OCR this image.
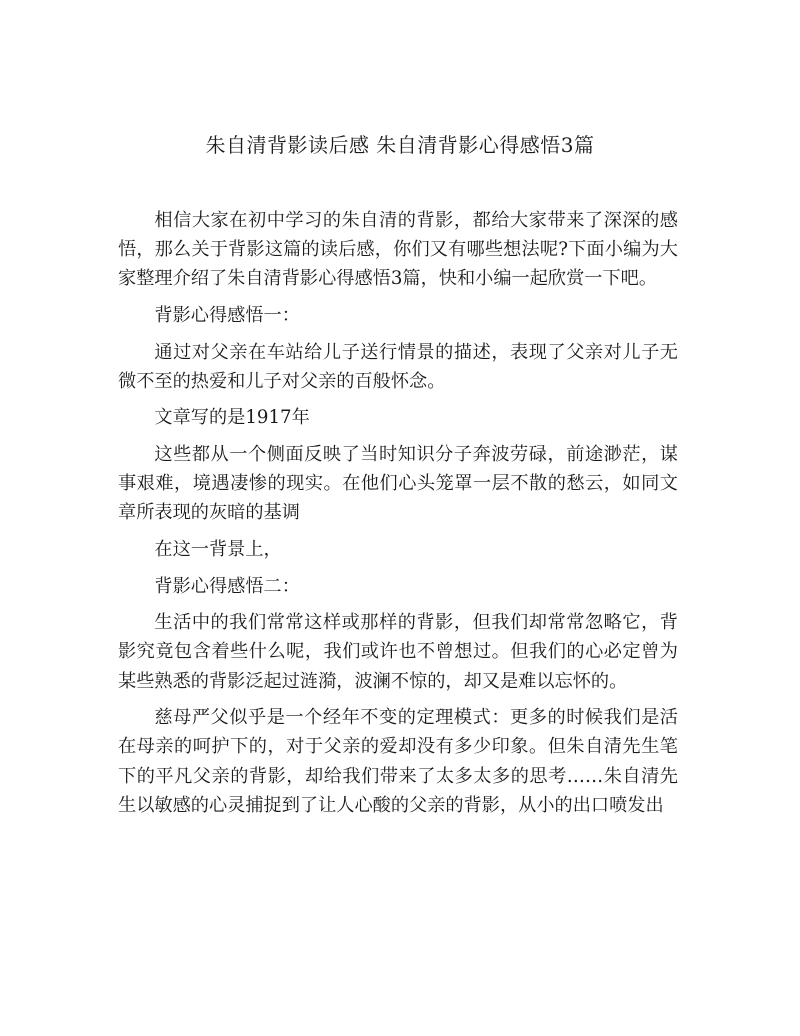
朱自清背影读后感 朱自清背影心得感悟3篇

相信大家在初中学习的朱自清的背影，都给大家带来了深深的感悟，那么关于背影这篇的读后感，你们又有哪些想法呢?下面小编为大家整理介绍了朱自清背影心得感悟3篇，快和小编一起欣赏一下吧。

背影心得感悟一：

通过对父亲在车站给儿子送行情景的描述，表现了父亲对儿子无微不至的热爱和儿子对父亲的百般怀念。

文章写的是1917年

这些都从一个侧面反映了当时知识分子奔波劳碌，前途渺茫，谋事艰难，境遇凄惨的现实。在他们心头笼罩一层不散的愁云，如同文章所表现的灰暗的基调

在这一背景上，

背影心得感悟二：

生活中的我们常常这样或那样的背影，但我们却常常忽略它，背影究竟包含着些什么呢，我们或许也不曾想过。但我们的心必定曾为某些熟悉的背影泛起过涟漪，波澜不惊的，却又是难以忘怀的。

慈母严父似乎是一个经年不变的定理模式：更多的时候我们是活在母亲的呵护下的，对于父亲的爱却没有多少印象。但朱自清先生笔下的平凡父亲的背影，却给我们带来了太多太多的思考……朱自清先生以敏感的心灵捕捉到了让人心酸的父亲的背影，从小的出口喷发出
